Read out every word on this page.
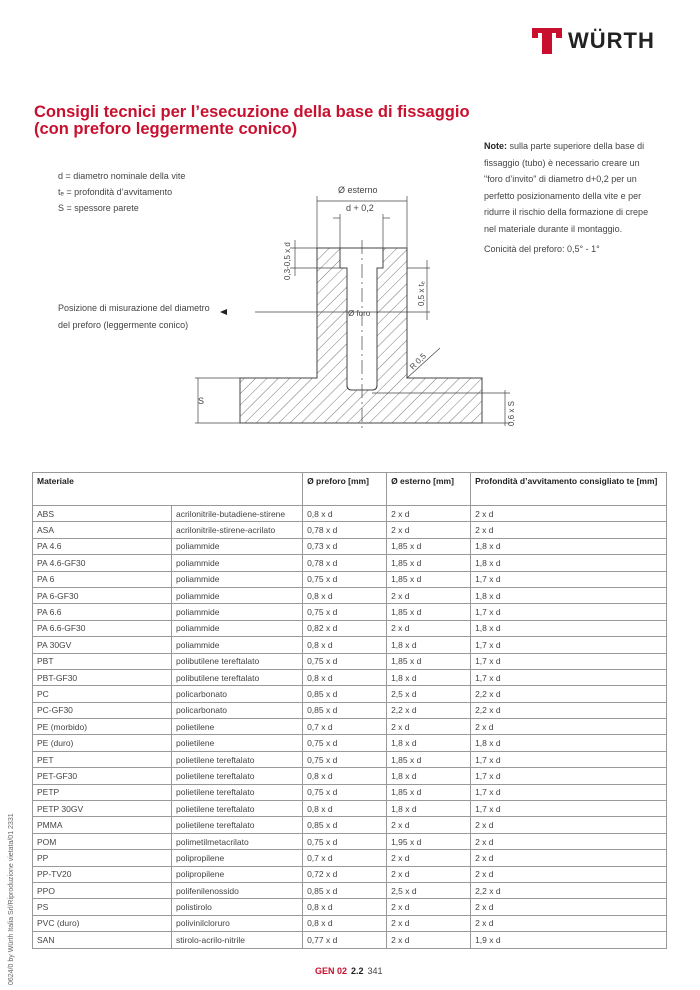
WÜRTH
Consigli tecnici per l’esecuzione della base di fissaggio
(con preforo leggermente conico)
d = diametro nominale della vite
tₑ = profondità d’avvitamento
S = spessore parete
Note: sulla parte superiore della base di fissaggio (tubo) è necessario creare un "foro d’invito" di diametro d+0,2 per un perfetto posizionamento della vite e per ridurre il rischio della formazione di crepe nel materiale durante il montaggio.
Conicità del preforo: 0,5° - 1°
Posizione di misurazione del diametro
del preforo (leggermente conico)
Ø esterno
d + 0,2
Ø foro
S
0,3-0,5 x d
0,5 x tₑ
R 0,5
0,6 x S
Materiale		Ø preforo [mm]	Ø esterno [mm]	Profondità d’avvitamento consigliato te [mm]
ABS	acrilonitrile-butadiene-stirene	0,8 x d	2 x d	2 x d
ASA	acrilonitrile-stirene-acrilato	0,78 x d	2 x d	2 x d
PA 4.6	poliammide	0,73 x d	1,85 x d	1,8 x d
PA 4.6-GF30	poliammide	0,78 x d	1,85 x d	1,8 x d
PA 6	poliammide	0,75 x d	1,85 x d	1,7 x d
PA 6-GF30	poliammide	0,8 x d	2 x d	1,8 x d
PA 6.6	poliammide	0,75 x d	1,85 x d	1,7 x d
PA 6.6-GF30	poliammide	0,82 x d	2 x d	1,8 x d
PA 30GV	poliammide	0,8 x d	1,8 x d	1,7 x d
PBT	polibutilene tereftalato	0,75 x d	1,85 x d	1,7 x d
PBT-GF30	polibutilene tereftalato	0,8 x d	1,8 x d	1,7 x d
PC	policarbonato	0,85 x d	2,5 x d	2,2 x d
PC-GF30	policarbonato	0,85 x d	2,2 x d	2,2 x d
PE (morbido)	polietilene	0,7 x d	2 x d	2 x d
PE (duro)	polietilene	0,75 x d	1,8 x d	1,8 x d
PET	polietilene tereftalato	0,75 x d	1,85 x d	1,7 x d
PET-GF30	polietilene tereftalato	0,8 x d	1,8 x d	1,7 x d
PETP	polietilene tereftalato	0,75 x d	1,85 x d	1,7 x d
PETP 30GV	polietilene tereftalato	0,8 x d	1,8 x d	1,7 x d
PMMA	polietilene tereftalato	0,85 x d	2 x d	2 x d
POM	polimetilmetacrilato	0,75 x d	1,95 x d	2 x d
PP	polipropilene	0,7 x d	2 x d	2 x d
PP-TV20	polipropilene	0,72 x d	2 x d	2 x d
PPO	polifenilenossido	0,85 x d	2,5 x d	2,2 x d
PS	polistirolo	0,8 x d	2 x d	2 x d
PVC (duro)	polivinilcloruro	0,8 x d	2 x d	2 x d
SAN	stirolo-acrilo-nitrile	0,77 x d	2 x d	1,9 x d
0624/0 by Würth Italia Srl/Riproduzione vietata/01 2331	GEN 02 2.2 341
